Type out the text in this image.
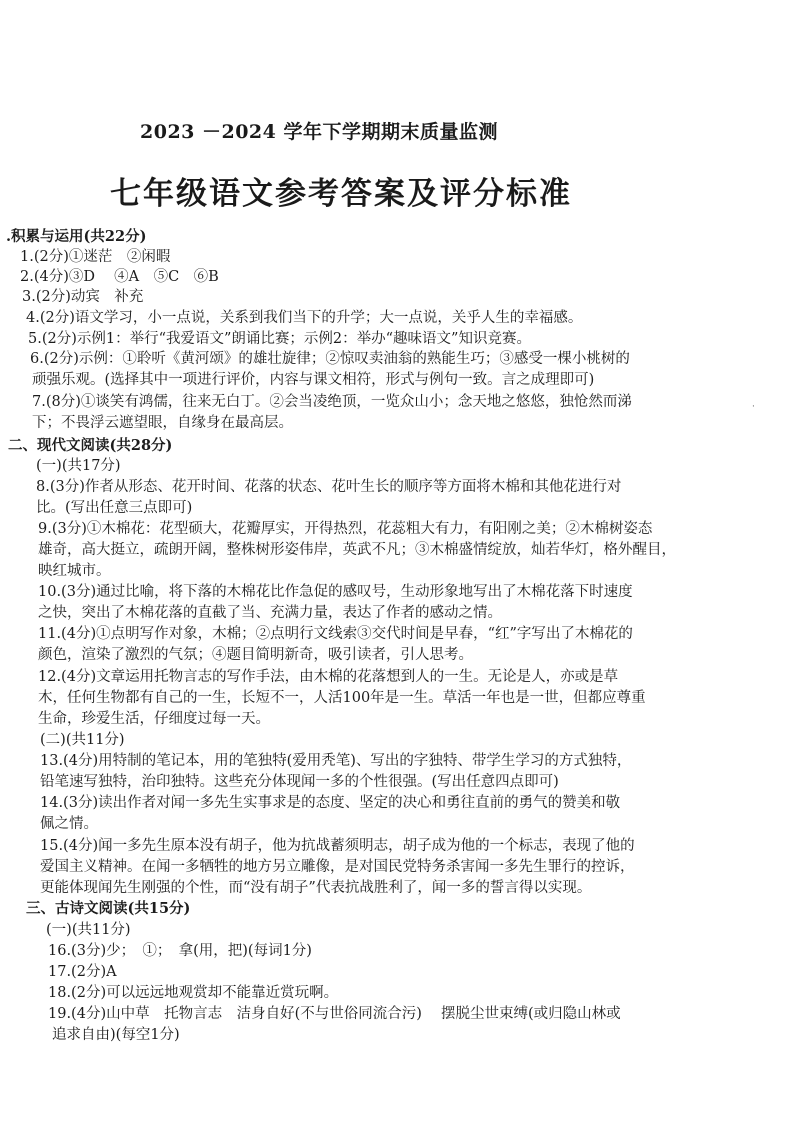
2023 －2024 学年下学期期末质量监测
七年级语文参考答案及评分标准
.积累与运用(共22分)
1.(2分)①迷茫　②闲暇
2.(4分)③D　 ④A　⑤C　⑥B
3.(2分)动宾　补充
4.(2分)语文学习，小一点说，关系到我们当下的升学；大一点说，关乎人生的幸福感。
5.(2分)示例1：举行“我爱语文”朗诵比赛；示例2：举办“趣味语文”知识竞赛。
6.(2分)示例：①聆听《黄河颂》的雄壮旋律；②惊叹卖油翁的熟能生巧；③感受一棵小桃树的
顽强乐观。(选择其中一项进行评价，内容与课文相符，形式与例句一致。言之成理即可)
7.(8分)①谈笑有鸿儒，往来无白丁。②会当凌绝顶，一览众山小；念天地之悠悠，独怆然而涕
下；不畏浮云遮望眼，自缘身在最高层。
二、现代文阅读(共28分)
(一)(共17分)
8.(3分)作者从形态、花开时间、花落的状态、花叶生长的顺序等方面将木棉和其他花进行对
比。(写出任意三点即可)
9.(3分)①木棉花：花型硕大，花瓣厚实，开得热烈，花蕊粗大有力，有阳刚之美；②木棉树姿态
雄奇，高大挺立，疏朗开阔，整株树形姿伟岸，英武不凡；③木棉盛情绽放，灿若华灯，格外醒目，
映红城市。
10.(3分)通过比喻，将下落的木棉花比作急促的感叹号，生动形象地写出了木棉花落下时速度
之快，突出了木棉花落的直截了当、充满力量，表达了作者的感动之情。
11.(4分)①点明写作对象，木棉；②点明行文线索③交代时间是早春，“红”字写出了木棉花的
颜色，渲染了激烈的气氛；④题目简明新奇，吸引读者，引人思考。
12.(4分)文章运用托物言志的写作手法，由木棉的花落想到人的一生。无论是人，亦或是草
木，任何生物都有自己的一生，长短不一，人活100年是一生。草活一年也是一世，但都应尊重
生命，珍爱生活，仔细度过每一天。
(二)(共11分)
13.(4分)用特制的笔记本，用的笔独特(爱用秃笔)、写出的字独特、带学生学习的方式独特，
铅笔速写独特，治印独特。这些充分体现闻一多的个性很强。(写出任意四点即可)
14.(3分)读出作者对闻一多先生实事求是的态度、坚定的决心和勇往直前的勇气的赞美和敬
佩之情。
15.(4分)闻一多先生原本没有胡子，他为抗战蓄须明志，胡子成为他的一个标志，表现了他的
爱国主义精神。在闻一多牺牲的地方另立雕像，是对国民党特务杀害闻一多先生罪行的控诉，
更能体现闻先生刚强的个性，而“没有胡子”代表抗战胜利了，闻一多的誓言得以实现。
三、古诗文阅读(共15分)
(一)(共11分)
16.(3分)少；　①；　拿(用，把)(每词1分)
17.(2分)A
18.(2分)可以远远地观赏却不能靠近赏玩啊。
19.(4分)山中草　托物言志　洁身自好(不与世俗同流合污)　 摆脱尘世束缚(或归隐山林或
追求自由)(每空1分)
·
